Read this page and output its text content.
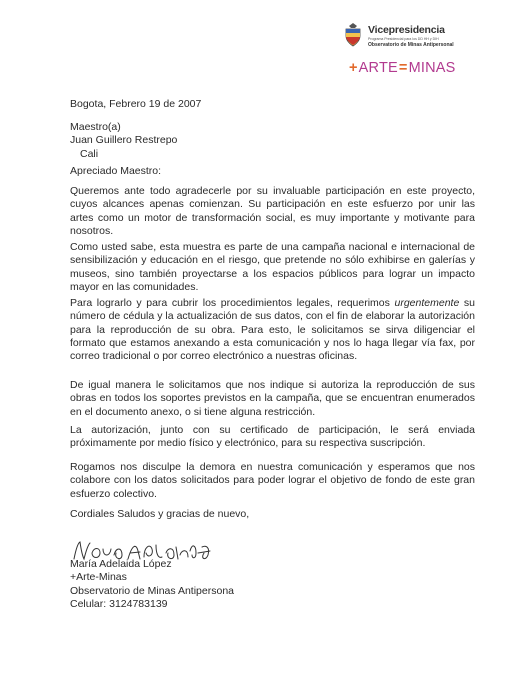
Vicepresidencia
Programa Presidencial para los DD HH y DIH
Observatorio de Minas Antipersonal
+ARTE=MINAS

Bogota, Febrero 19 de 2007

Maestro(a)
Juan Guillero Restrepo
Cali

Apreciado Maestro:

Queremos ante todo agradecerle por su invaluable participación en este proyecto, cuyos alcances apenas comienzan. Su participación en este esfuerzo por unir las artes como un motor de transformación social, es muy importante y motivante para nosotros.

Como usted sabe, esta muestra es parte de una campaña nacional e internacional de sensibilización y educación en el riesgo, que pretende no sólo exhibirse en galerías y museos, sino también proyectarse a los espacios públicos para lograr un impacto mayor en las comunidades.

Para lograrlo y para cubrir los procedimientos legales, requerimos urgentemente su número de cédula y la actualización de sus datos, con el fin de elaborar la autorización para la reproducción de su obra. Para esto, le solicitamos se sirva diligenciar el formato que estamos anexando a esta comunicación y nos lo haga llegar vía fax, por correo tradicional o por correo electrónico a nuestras oficinas.

De igual manera le solicitamos que nos indique si autoriza la reproducción de sus obras en todos los soportes previstos en la campaña, que se encuentran enumerados en el documento anexo, o si tiene alguna restricción.

La autorización, junto con su certificado de participación, le será enviada próximamente por medio físico y electrónico, para su respectiva suscripción.

Rogamos nos disculpe la demora en nuestra comunicación y esperamos que nos colabore con los datos solicitados para poder lograr el objetivo de fondo de este gran esfuerzo colectivo.

Cordiales Saludos y gracias de nuevo,

María Adelaida López
+Arte-Minas
Observatorio de Minas Antipersona
Celular: 3124783139
